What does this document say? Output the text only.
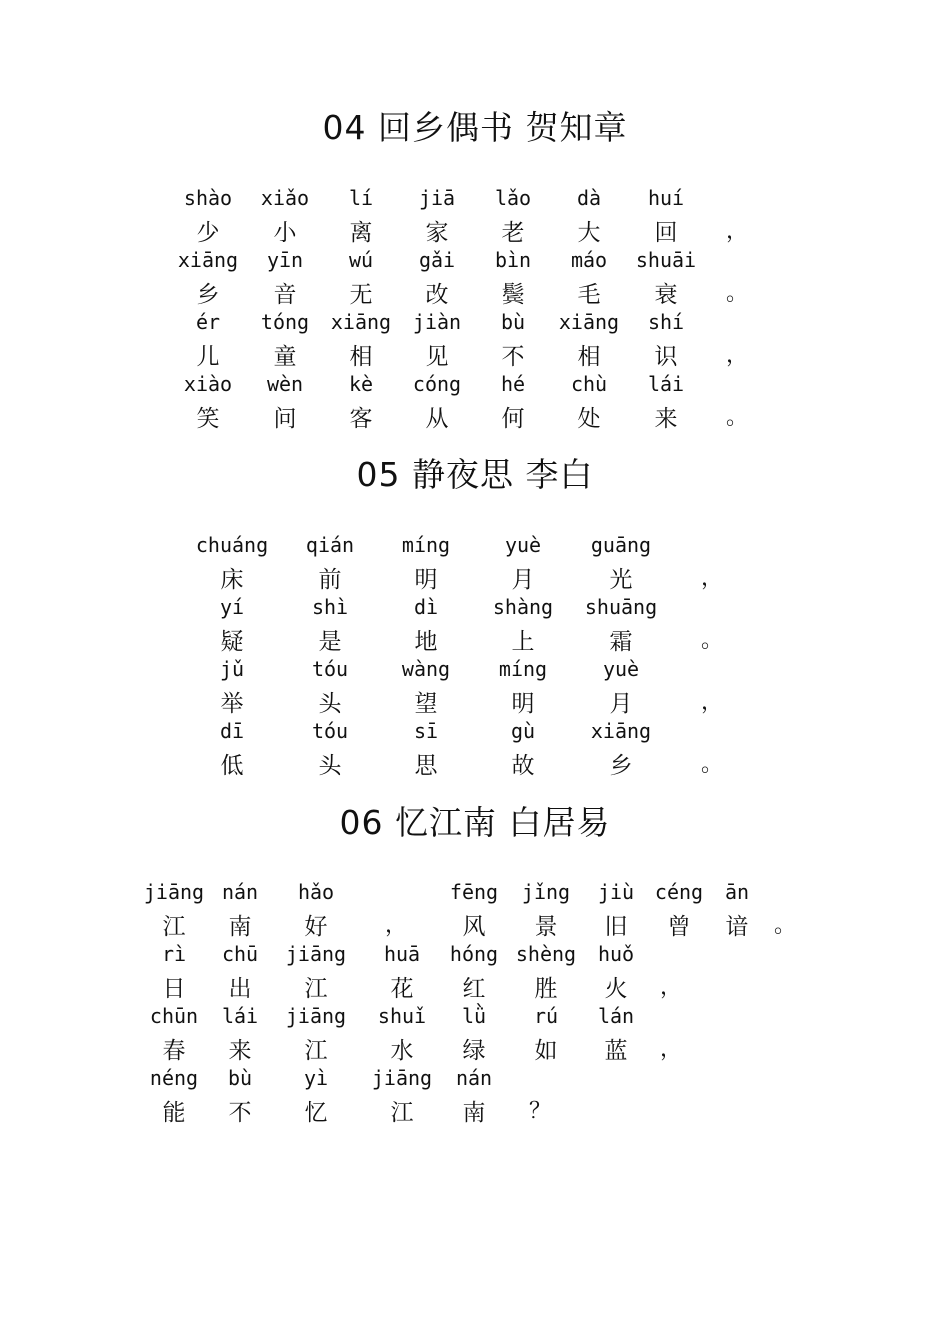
04 回乡偶书 贺知章
shào xiǎo lí jiā lǎo dà huí
少 小 离 家 老 大 回 ，
xiāng yīn wú gǎi bìn máo shuāi
乡 音 无 改 鬓 毛 衰 。
ér tóng xiāng jiàn bù xiāng shí
儿 童 相 见 不 相 识 ，
xiào wèn kè cóng hé chù lái
笑 问 客 从 何 处 来 。
05 静夜思 李白
chuáng qián míng	yuè guāng
床	前	明	月	光	，
yí	shì	dì	shàng shuāng
疑	是	地	上	霜	。
jǔ	tóu	wàng míng	yuè
举	头	望	明	月	，
dī	tóu	sī	gù	xiāng
低	头	思	故	乡	。
06 忆江南 白居易
jiāng nán hǎo	fēng jǐng jiù céng ān
江 南 好	， 风 景 旧 曾 谙 。
rì chū jiāng huā hóng shèng huǒ
日 出 江	花 红 胜 火 ，
chūn lái jiāng shuǐ lǜ rú lán
春 来 江	水 绿 如 蓝 ，
néng bù	yì jiāng nán
能 不 忆	江 南 ？
